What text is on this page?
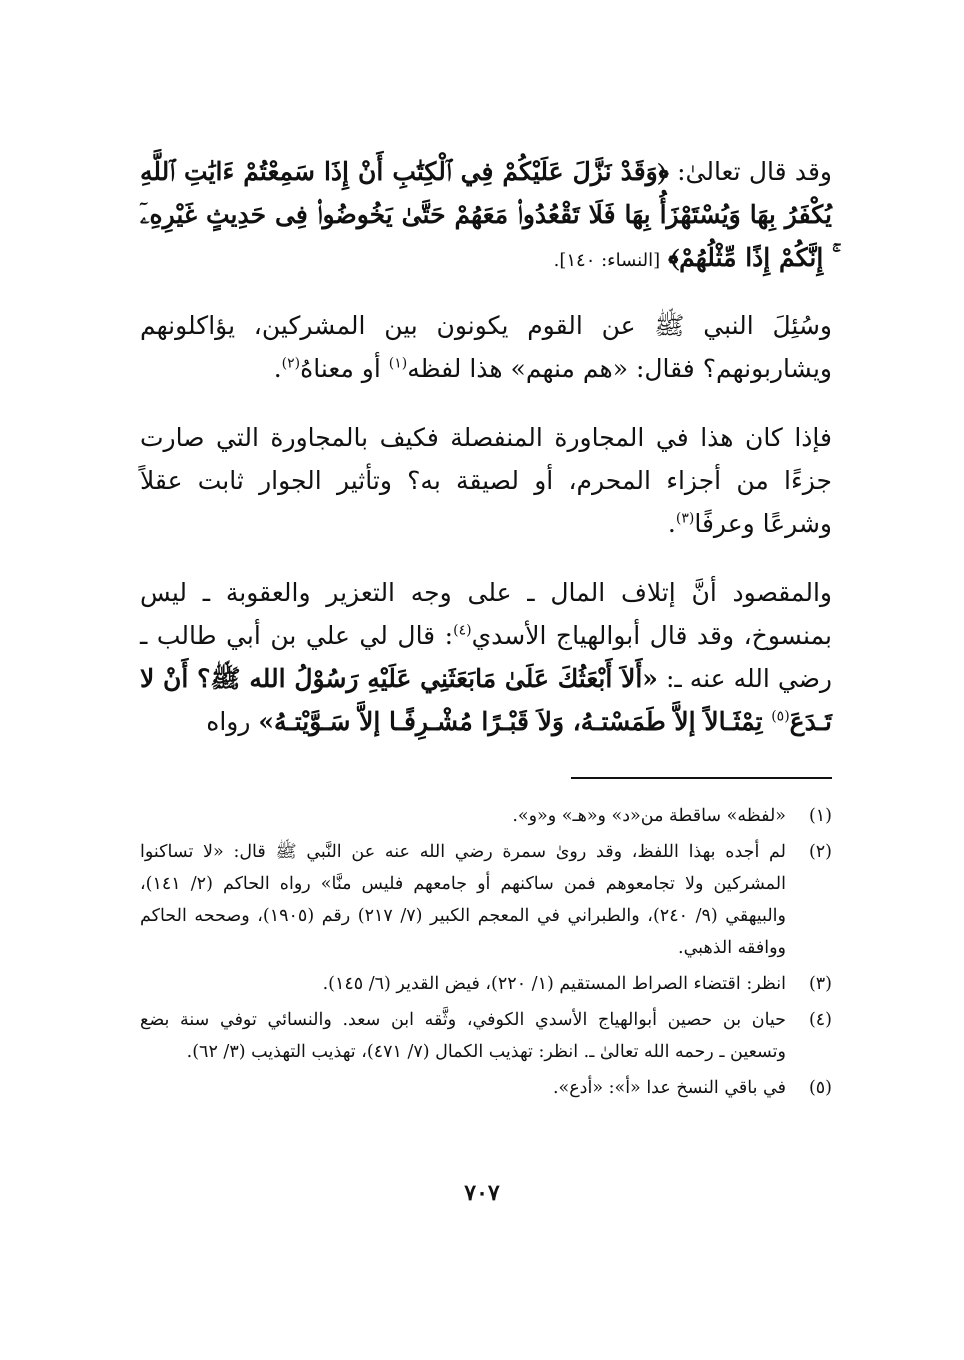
وقد قال تعالىٰ: ﴿وَقَدْ نَزَّلَ عَلَيْكُمْ فِي ٱلْكِتَٰبِ أَنْ إِذَا سَمِعْتُمْ ءَايَٰتِ ٱللَّهِ يُكْفَرُ بِهَا وَيُسْتَهْزَأُ بِهَا فَلَا تَقْعُدُوا۟ مَعَهُمْ حَتَّىٰ يَخُوضُوا۟ فِى حَدِيثٍ غَيْرِهِۦٓ ۚ إِنَّكُمْ إِذًا مِّثْلُهُمْ﴾ [النساء: ١٤٠].

وسُئِلَ النبي ﷺ عن القوم يكونون بين المشركين، يؤاكلونهم ويشاربونهم؟ فقال: «هم منهم» هذا لفظه$^{(١)}$ أو معناهُ$^{(٢)}$.

فإذا كان هذا في المجاورة المنفصلة فكيف بالمجاورة التي صارت جزءًا من أجزاء المحرم، أو لصيقة به؟ وتأثير الجوار ثابت عقلاً وشرعًا وعرفًا$^{(٣)}$.

والمقصود أنَّ إتلاف المال ـ على وجه التعزير والعقوبة ـ ليس بمنسوخ، وقد قال أبوالهياج الأسدي$^{(٤)}$: قال لي علي بن أبي طالب ـ رضي الله عنه ـ: «أَلاَ أَبْعَثُكَ عَلَىٰ مَابَعَثَنِي عَلَيْهِ رَسُوْلُ الله ﷺ؟ أَنْ لا تَـدَعَ$^{(٥)}$ تِمْثَـالاً إلاَّ طَمَسْتـهُ، وَلاَ قَبْـرًا مُشْـرِفًـا إلاَّ سَـوَّيْتـهُ» رواه

(١)
«لفظه» ساقطة من«د» و«هـ» و«و».
(٢)
لم أجده بهذا اللفظ، وقد روىٰ سمرة رضي الله عنه عن النَّبي ﷺ قال: «لا تساكنوا المشركين ولا تجامعوهم فمن ساكنهم أو جامعهم فليس منَّا» رواه الحاكم (٢/ ١٤١)، والبيهقي (٩/ ٢٤٠)، والطبراني في المعجم الكبير (٧/ ٢١٧) رقم (١٩٠٥)، وصححه الحاكم ووافقه الذهبي.
(٣)
انظر: اقتضاء الصراط المستقيم (١/ ٢٢٠)، فيض القدير (٦/ ١٤٥).
(٤)
حيان بن حصين أبوالهياج الأسدي الكوفي، وثَّقه ابن سعد. والنسائي توفي سنة بضع وتسعين ـ رحمه الله تعالىٰ ـ. انظر: تهذيب الكمال (٧/ ٤٧١)، تهذيب التهذيب (٣/ ٦٢).
(٥)
في باقي النسخ عدا «أ»: «أدع».
٧٠٧
